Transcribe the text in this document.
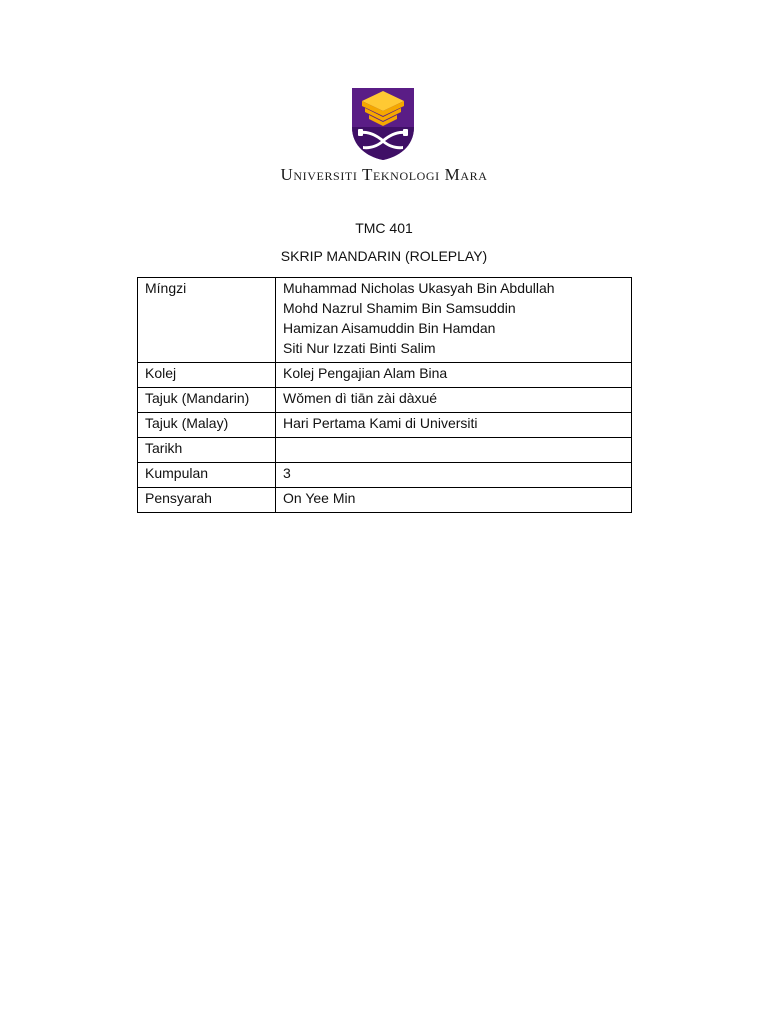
Universiti Teknologi Mara
TMC 401
SKRIP MANDARIN (ROLEPLAY)
Míngzi	Muhammad Nicholas Ukasyah Bin Abdullah
Mohd Nazrul Shamim Bin Samsuddin
Hamizan Aisamuddin Bin Hamdan
Siti Nur Izzati Binti Salim

Kolej	Kolej Pengajian Alam Bina
Tajuk (Mandarin)	Wǒmen dì tiān zài dàxué
Tajuk (Malay)	Hari Pertama Kami di Universiti
Tarikh	
Kumpulan	3
Pensyarah	On Yee Min
